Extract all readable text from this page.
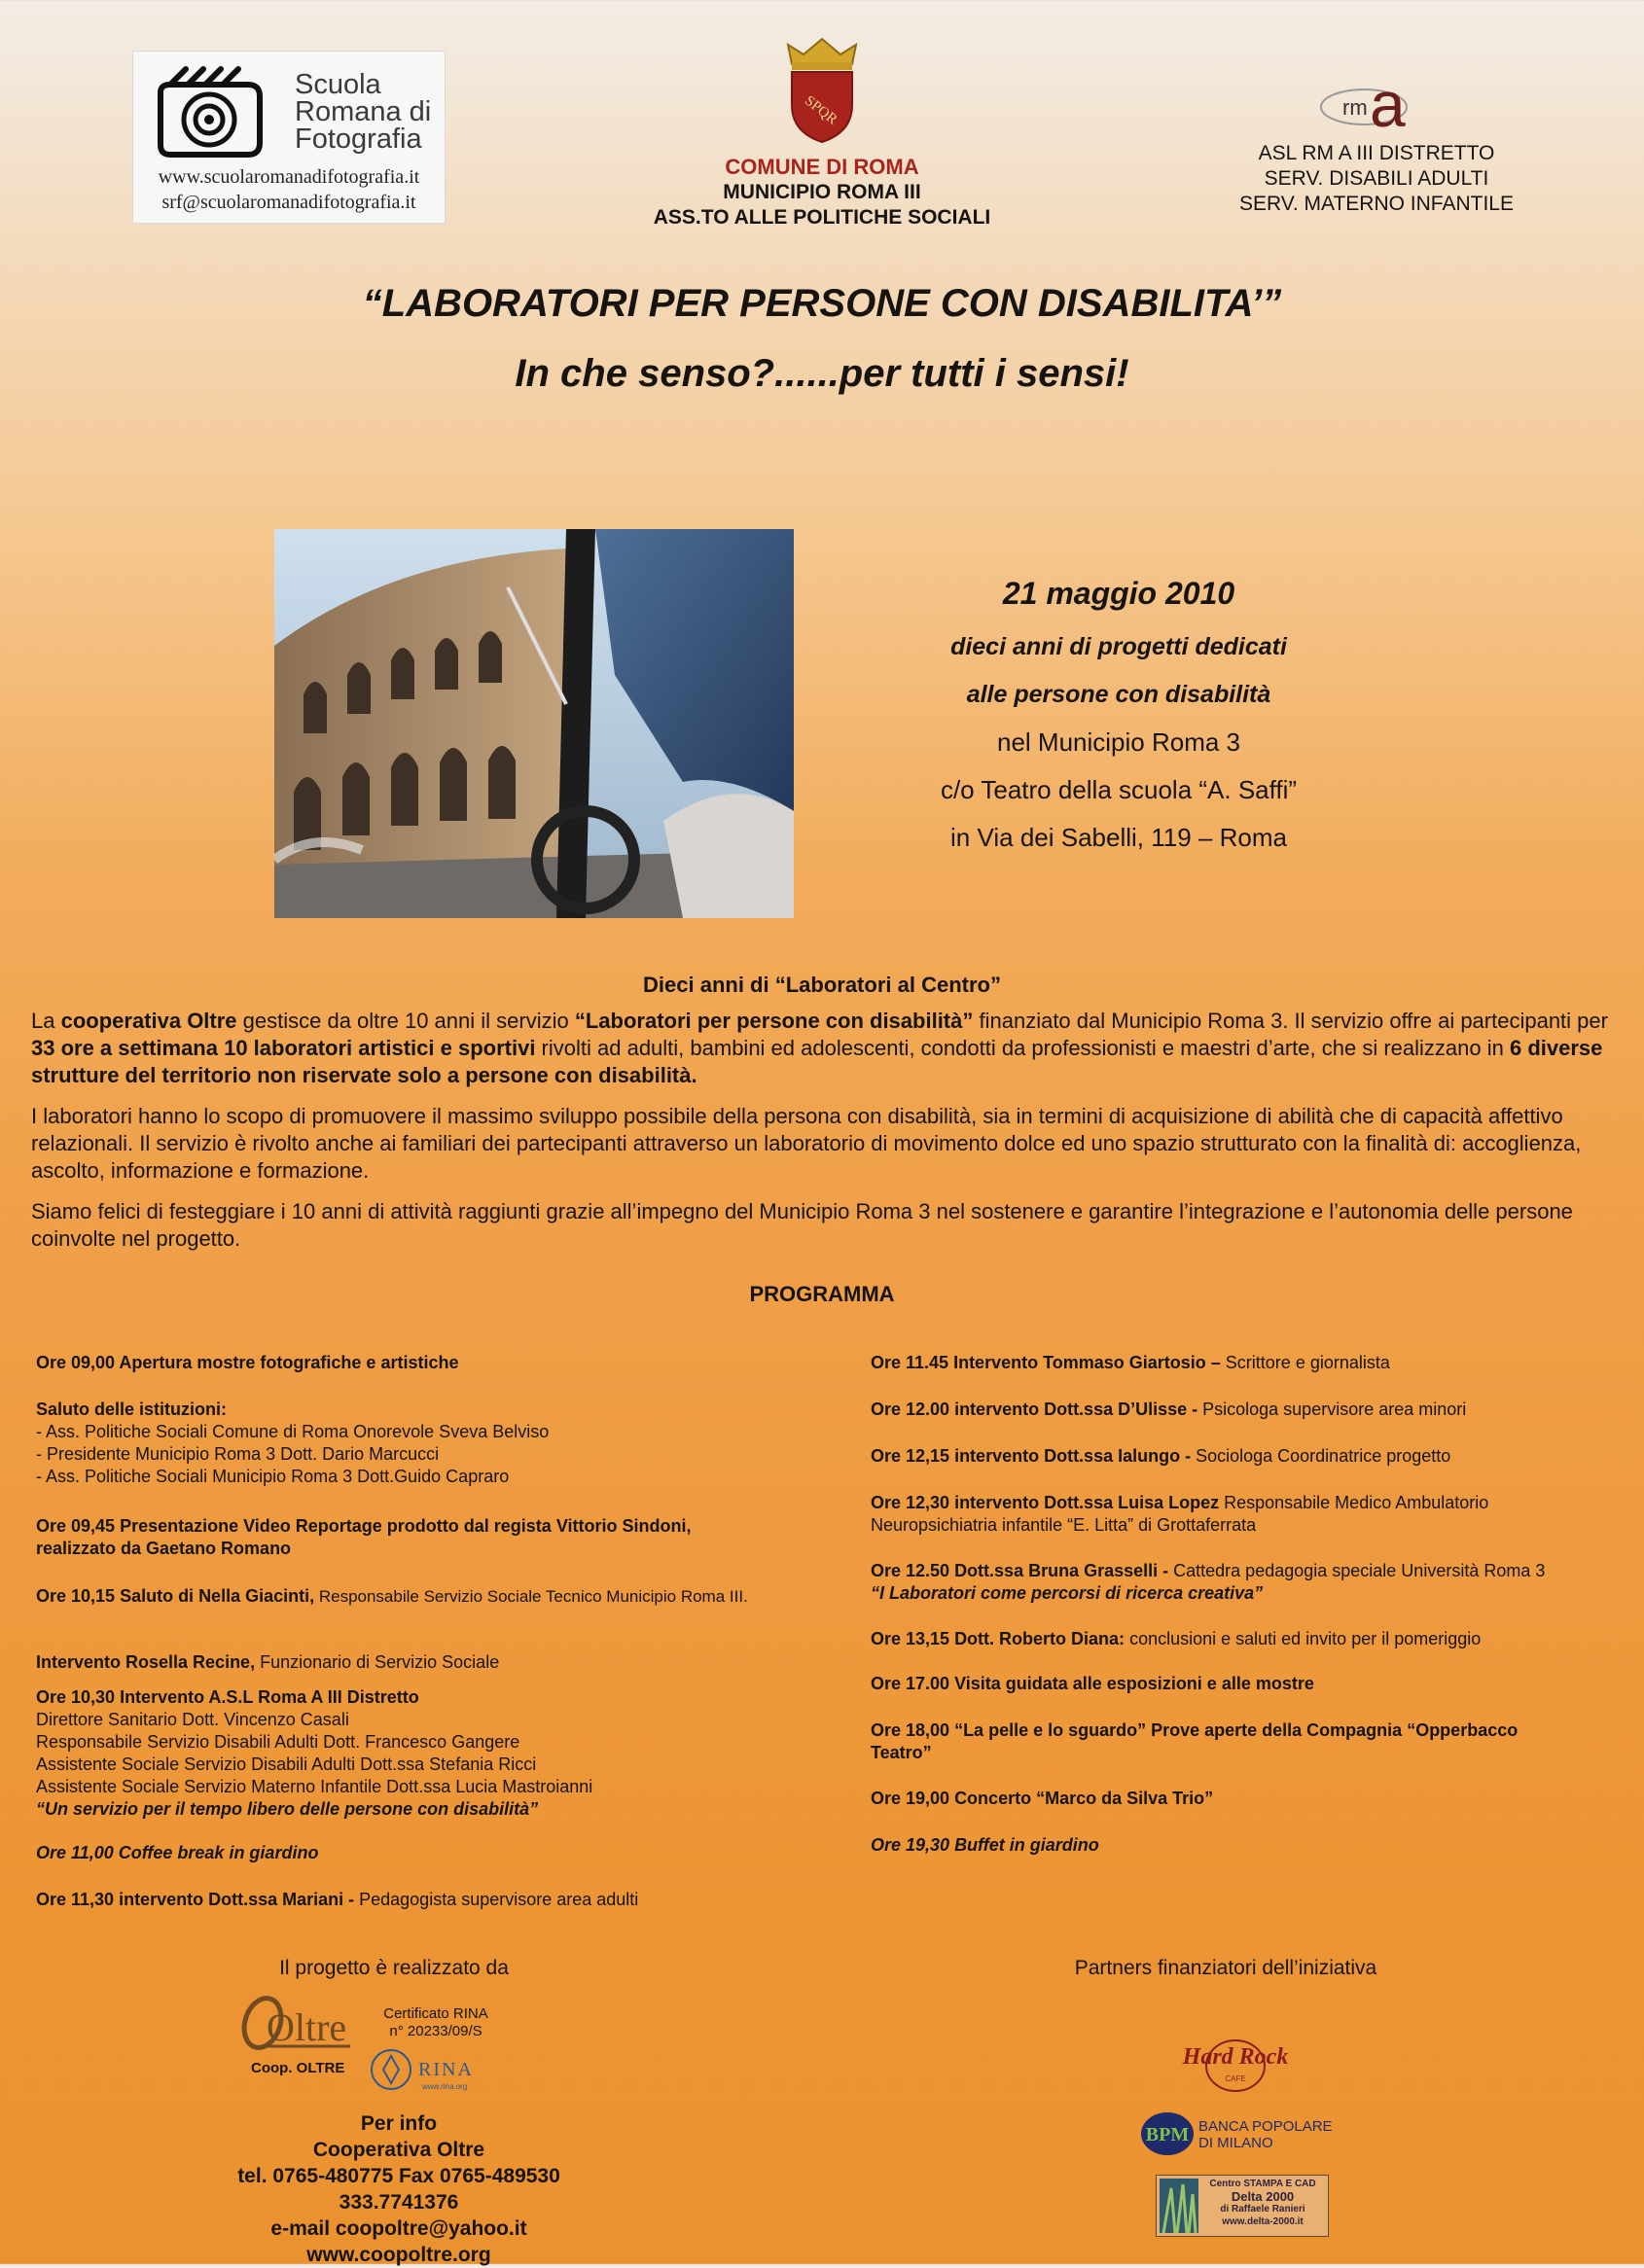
Scuola
Romana di
Fotografia
www.scuolaromanadifotografia.it
srf@scuolaromanadifotografia.it
SPQR
COMUNE DI ROMA
MUNICIPIO ROMA III
ASS.TO ALLE POLITICHE SOCIALI
rm a
ASL RM A III DISTRETTO
SERV. DISABILI ADULTI
SERV. MATERNO INFANTILE
“LABORATORI PER PERSONE CON DISABILITA’”
In che senso?......per tutti i sensi!
21 maggio 2010
dieci anni di progetti dedicati
alle persone con disabilità
nel Municipio Roma 3
c/o Teatro della scuola “A. Saffi”
in Via dei Sabelli, 119 – Roma
Dieci anni di “Laboratori al Centro”
La cooperativa Oltre gestisce da oltre 10 anni il servizio “Laboratori per persone con disabilità” finanziato dal Municipio Roma 3. Il servizio offre ai partecipanti per 33 ore a settimana 10 laboratori artistici e sportivi rivolti ad adulti, bambini ed adolescenti, condotti da professionisti e maestri d’arte, che si realizzano in 6 diverse strutture del territorio non riservate solo a persone con disabilità.
I laboratori hanno lo scopo di promuovere il massimo sviluppo possibile della persona con disabilità, sia in termini di acquisizione di abilità che di capacità affettivo relazionali. Il servizio è rivolto anche ai familiari dei partecipanti attraverso un laboratorio di movimento dolce ed uno spazio strutturato con la finalità di: accoglienza, ascolto, informazione e formazione.
Siamo felici di festeggiare i 10 anni di attività raggiunti grazie all’impegno del Municipio Roma 3 nel sostenere e garantire l’integrazione e l’autonomia delle persone coinvolte nel progetto.
PROGRAMMA
Ore 09,00 Apertura mostre fotografiche e artistiche
Saluto delle istituzioni:
- Ass. Politiche Sociali Comune di Roma Onorevole Sveva Belviso
- Presidente Municipio Roma 3 Dott. Dario Marcucci
- Ass. Politiche Sociali Municipio Roma 3 Dott.Guido Capraro
Ore 09,45 Presentazione Video Reportage prodotto dal regista Vittorio Sindoni,
realizzato da Gaetano Romano
Ore 10,15 Saluto di Nella Giacinti, Responsabile Servizio Sociale Tecnico Municipio Roma III.
Intervento Rosella Recine, Funzionario di Servizio Sociale
Ore 10,30 Intervento A.S.L Roma A III Distretto
Direttore Sanitario Dott. Vincenzo Casali
Responsabile Servizio Disabili Adulti Dott. Francesco Gangere
Assistente Sociale Servizio Disabili Adulti Dott.ssa Stefania Ricci
Assistente Sociale Servizio Materno Infantile Dott.ssa Lucia Mastroianni
“Un servizio per il tempo libero delle persone con disabilità”
Ore 11,00 Coffee break in giardino
Ore 11,30 intervento Dott.ssa Mariani - Pedagogista supervisore area adulti
Ore 11.45 Intervento Tommaso Giartosio – Scrittore e giornalista
Ore 12.00 intervento Dott.ssa D’Ulisse - Psicologa supervisore area minori
Ore 12,15 intervento Dott.ssa Ialungo - Sociologa Coordinatrice progetto
Ore 12,30 intervento Dott.ssa Luisa Lopez Responsabile Medico Ambulatorio
Neuropsichiatria infantile “E. Litta” di Grottaferrata
Ore 12.50 Dott.ssa Bruna Grasselli - Cattedra pedagogia speciale Università Roma 3
“I Laboratori come percorsi di ricerca creativa”
Ore 13,15 Dott. Roberto Diana: conclusioni e saluti ed invito per il pomeriggio
Ore 17.00 Visita guidata alle esposizioni e alle mostre
Ore 18,00 “La pelle e lo sguardo” Prove aperte della Compagnia “Opperbacco
Teatro”
Ore 19,00 Concerto “Marco da Silva Trio”
Ore 19,30 Buffet in giardino
Il progetto è realizzato da	Partners finanziatori dell’iniziativa
Oltre
Coop. OLTRE
Certificato RINA
n° 20233/09/S
RINA
www.rina.org
Per info
Cooperativa Oltre
tel. 0765-480775 Fax 0765-489530
333.7741376
e-mail coopoltre@yahoo.it
www.coopoltre.org
Hard Rock
CAFE
BPM BANCA POPOLARE
DI MILANO
Centro STAMPA E CAD
Delta 2000
di Raffaele Ranieri
www.delta-2000.it
